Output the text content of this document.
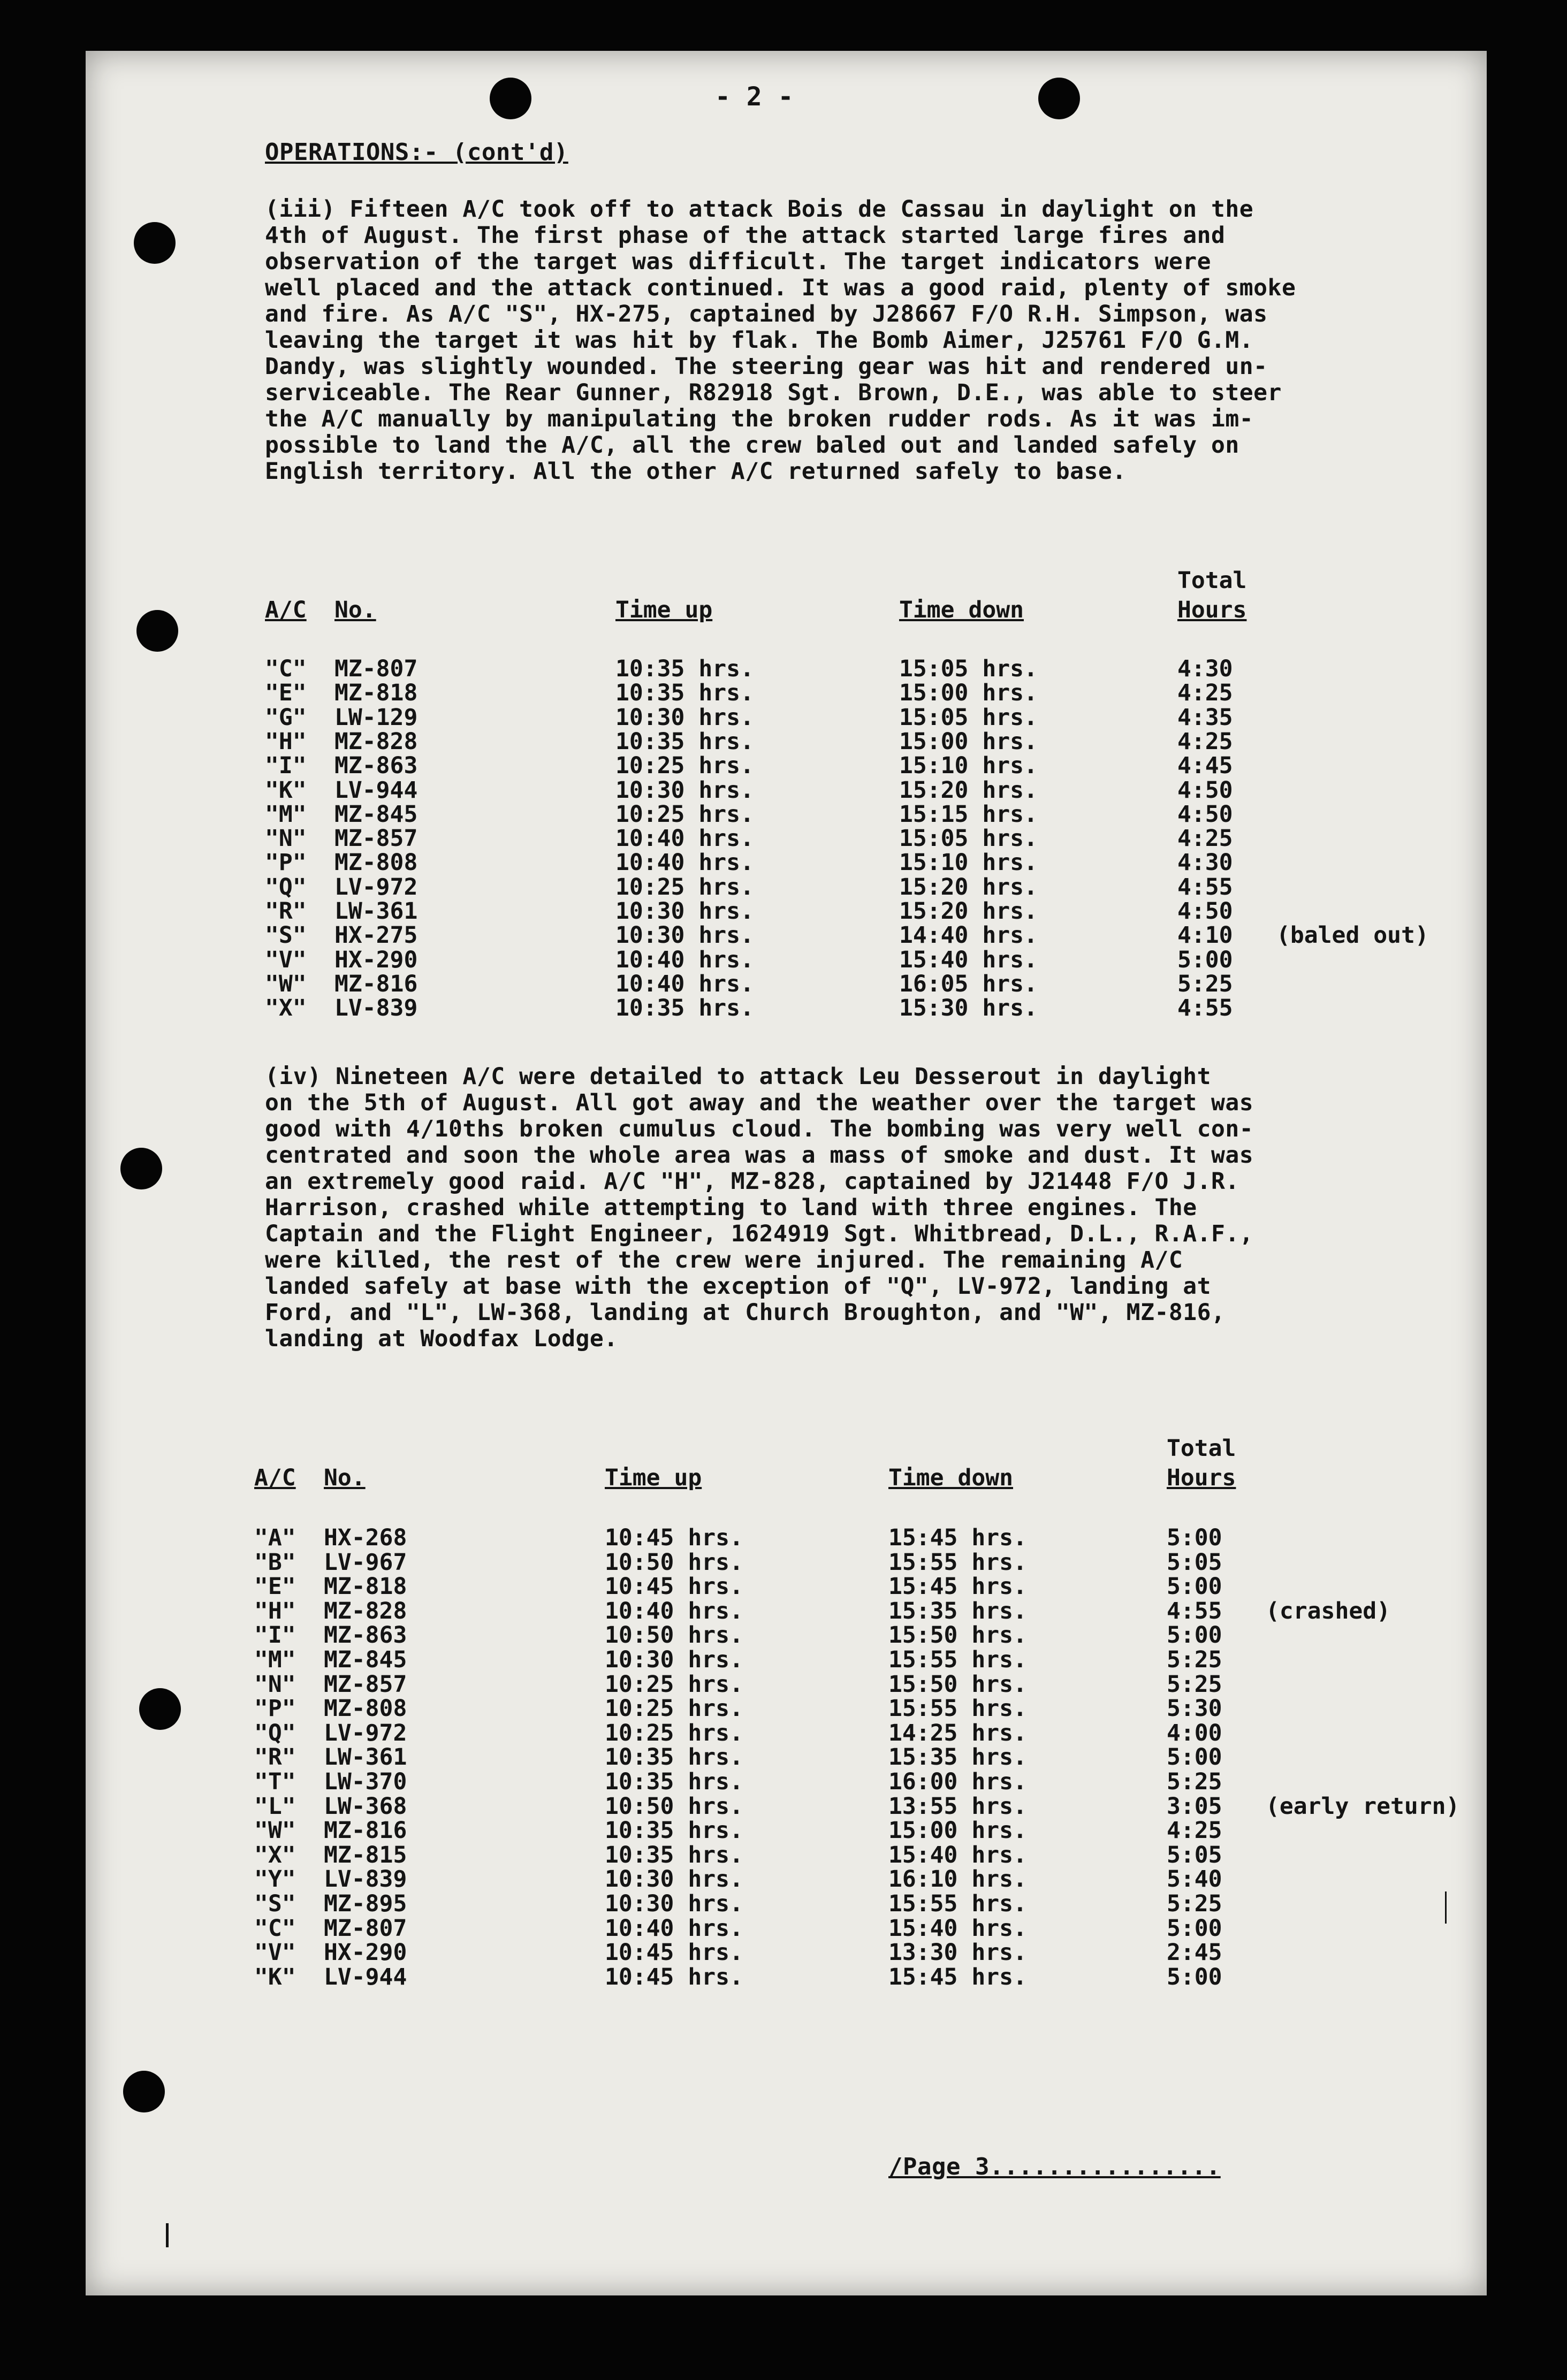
- 2 -
OPERATIONS:- (cont'd)
(iii) Fifteen A/C took off to attack Bois de Cassau in daylight on the
4th of August. The first phase of the attack started large fires and
observation of the target was difficult. The target indicators were
well placed and the attack continued. It was a good raid, plenty of smoke
and fire. As A/C "S", HX-275, captained by J28667 F/O R.H. Simpson, was
leaving the target it was hit by flak. The Bomb Aimer, J25761 F/O G.M.
Dandy, was slightly wounded. The steering gear was hit and rendered un-
serviceable. The Rear Gunner, R82918 Sgt. Brown, D.E., was able to steer
the A/C manually by manipulating the broken rudder rods. As it was im-
possible to land the A/C, all the crew baled out and landed safely on
English territory. All the other A/C returned safely to base.
A/C No.	Time up	Time down
Total
Hours
"C" MZ-807	10:35 hrs.	15:05 hrs.	4:30
"E" MZ-818	10:35 hrs.	15:00 hrs.	4:25
"G" LW-129	10:30 hrs.	15:05 hrs.	4:35
"H" MZ-828	10:35 hrs.	15:00 hrs.	4:25
"I" MZ-863	10:25 hrs.	15:10 hrs.	4:45
"K" LV-944	10:30 hrs.	15:20 hrs.	4:50
"M" MZ-845	10:25 hrs.	15:15 hrs.	4:50
"N" MZ-857	10:40 hrs.	15:05 hrs.	4:25
"P" MZ-808	10:40 hrs.	15:10 hrs.	4:30
"Q" LV-972	10:25 hrs.	15:20 hrs.	4:55
"R" LW-361	10:30 hrs.	15:20 hrs.	4:50
"S" HX-275	10:30 hrs.	14:40 hrs.	4:10 (baled out)
"V" HX-290	10:40 hrs.	15:40 hrs.	5:00
"W" MZ-816	10:40 hrs.	16:05 hrs.	5:25
"X" LV-839	10:35 hrs.	15:30 hrs.	4:55
(iv) Nineteen A/C were detailed to attack Leu Desserout in daylight
on the 5th of August. All got away and the weather over the target was
good with 4/10ths broken cumulus cloud. The bombing was very well con-
centrated and soon the whole area was a mass of smoke and dust. It was
an extremely good raid. A/C "H", MZ-828, captained by J21448 F/O J.R.
Harrison, crashed while attempting to land with three engines. The
Captain and the Flight Engineer, 1624919 Sgt. Whitbread, D.L., R.A.F.,
were killed, the rest of the crew were injured. The remaining A/C
landed safely at base with the exception of "Q", LV-972, landing at
Ford, and "L", LW-368, landing at Church Broughton, and "W", MZ-816,
landing at Woodfax Lodge.
A/C No.	Time up	Time down
Total
Hours
"A" HX-268	10:45 hrs.	15:45 hrs.	5:00
"B" LV-967	10:50 hrs.	15:55 hrs.	5:05
"E" MZ-818	10:45 hrs.	15:45 hrs.	5:00
"H" MZ-828	10:40 hrs.	15:35 hrs.	4:55 (crashed)
"I" MZ-863	10:50 hrs.	15:50 hrs.	5:00
"M" MZ-845	10:30 hrs.	15:55 hrs.	5:25
"N" MZ-857	10:25 hrs.	15:50 hrs.	5:25
"P" MZ-808	10:25 hrs.	15:55 hrs.	5:30
"Q" LV-972	10:25 hrs.	14:25 hrs.	4:00
"R" LW-361	10:35 hrs.	15:35 hrs.	5:00
"T" LW-370	10:35 hrs.	16:00 hrs.	5:25
"L" LW-368	10:50 hrs.	13:55 hrs.	3:05 (early return)
"W" MZ-816	10:35 hrs.	15:00 hrs.	4:25
"X" MZ-815	10:35 hrs.	15:40 hrs.	5:05
"Y" LV-839	10:30 hrs.	16:10 hrs.	5:40
"S" MZ-895	10:30 hrs.	15:55 hrs.	5:25
"C" MZ-807	10:40 hrs.	15:40 hrs.	5:00
"V" HX-290	10:45 hrs.	13:30 hrs.	2:45
"K" LV-944	10:45 hrs.	15:45 hrs.	5:00
/Page 3................
